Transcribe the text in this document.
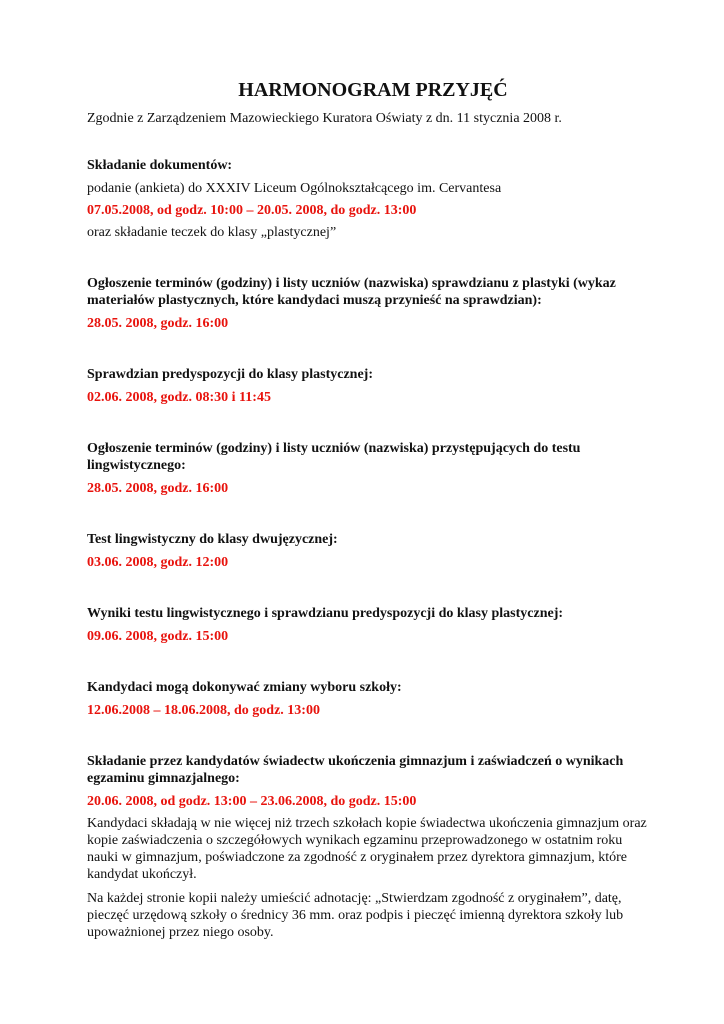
HARMONOGRAM PRZYJĘĆ
Zgodnie z Zarządzeniem Mazowieckiego Kuratora Oświaty z dn. 11 stycznia 2008 r.
Składanie dokumentów:
podanie (ankieta) do XXXIV Liceum Ogólnokształcącego im. Cervantesa
07.05.2008, od godz. 10:00 – 20.05. 2008, do godz. 13:00
oraz składanie teczek do klasy „plastycznej”
Ogłoszenie terminów (godziny) i listy uczniów (nazwiska) sprawdzianu z plastyki (wykaz materiałów plastycznych, które kandydaci muszą przynieść na sprawdzian):
28.05. 2008, godz. 16:00
Sprawdzian predyspozycji do klasy plastycznej:
02.06. 2008, godz. 08:30 i 11:45
Ogłoszenie terminów (godziny) i listy uczniów (nazwiska) przystępujących do testu lingwistycznego:
28.05. 2008, godz. 16:00
Test lingwistyczny do klasy dwujęzycznej:
03.06. 2008, godz. 12:00
Wyniki testu lingwistycznego i sprawdzianu predyspozycji do klasy plastycznej:
09.06. 2008, godz. 15:00
Kandydaci mogą dokonywać zmiany wyboru szkoły:
12.06.2008 – 18.06.2008, do godz. 13:00
Składanie przez kandydatów świadectw ukończenia gimnazjum i zaświadczeń o wynikach egzaminu gimnazjalnego:
20.06. 2008, od godz. 13:00 – 23.06.2008, do godz. 15:00
Kandydaci składają w nie więcej niż trzech szkołach kopie świadectwa ukończenia gimnazjum oraz kopie zaświadczenia o szczegółowych wynikach egzaminu przeprowadzonego w ostatnim roku nauki w gimnazjum, poświadczone za zgodność z oryginałem przez dyrektora gimnazjum, które kandydat ukończył.
Na każdej stronie kopii należy umieścić adnotację: „Stwierdzam zgodność z oryginałem”, datę, pieczęć urzędową szkoły o średnicy 36 mm. oraz podpis i pieczęć imienną dyrektora szkoły lub upoważnionej przez niego osoby.
